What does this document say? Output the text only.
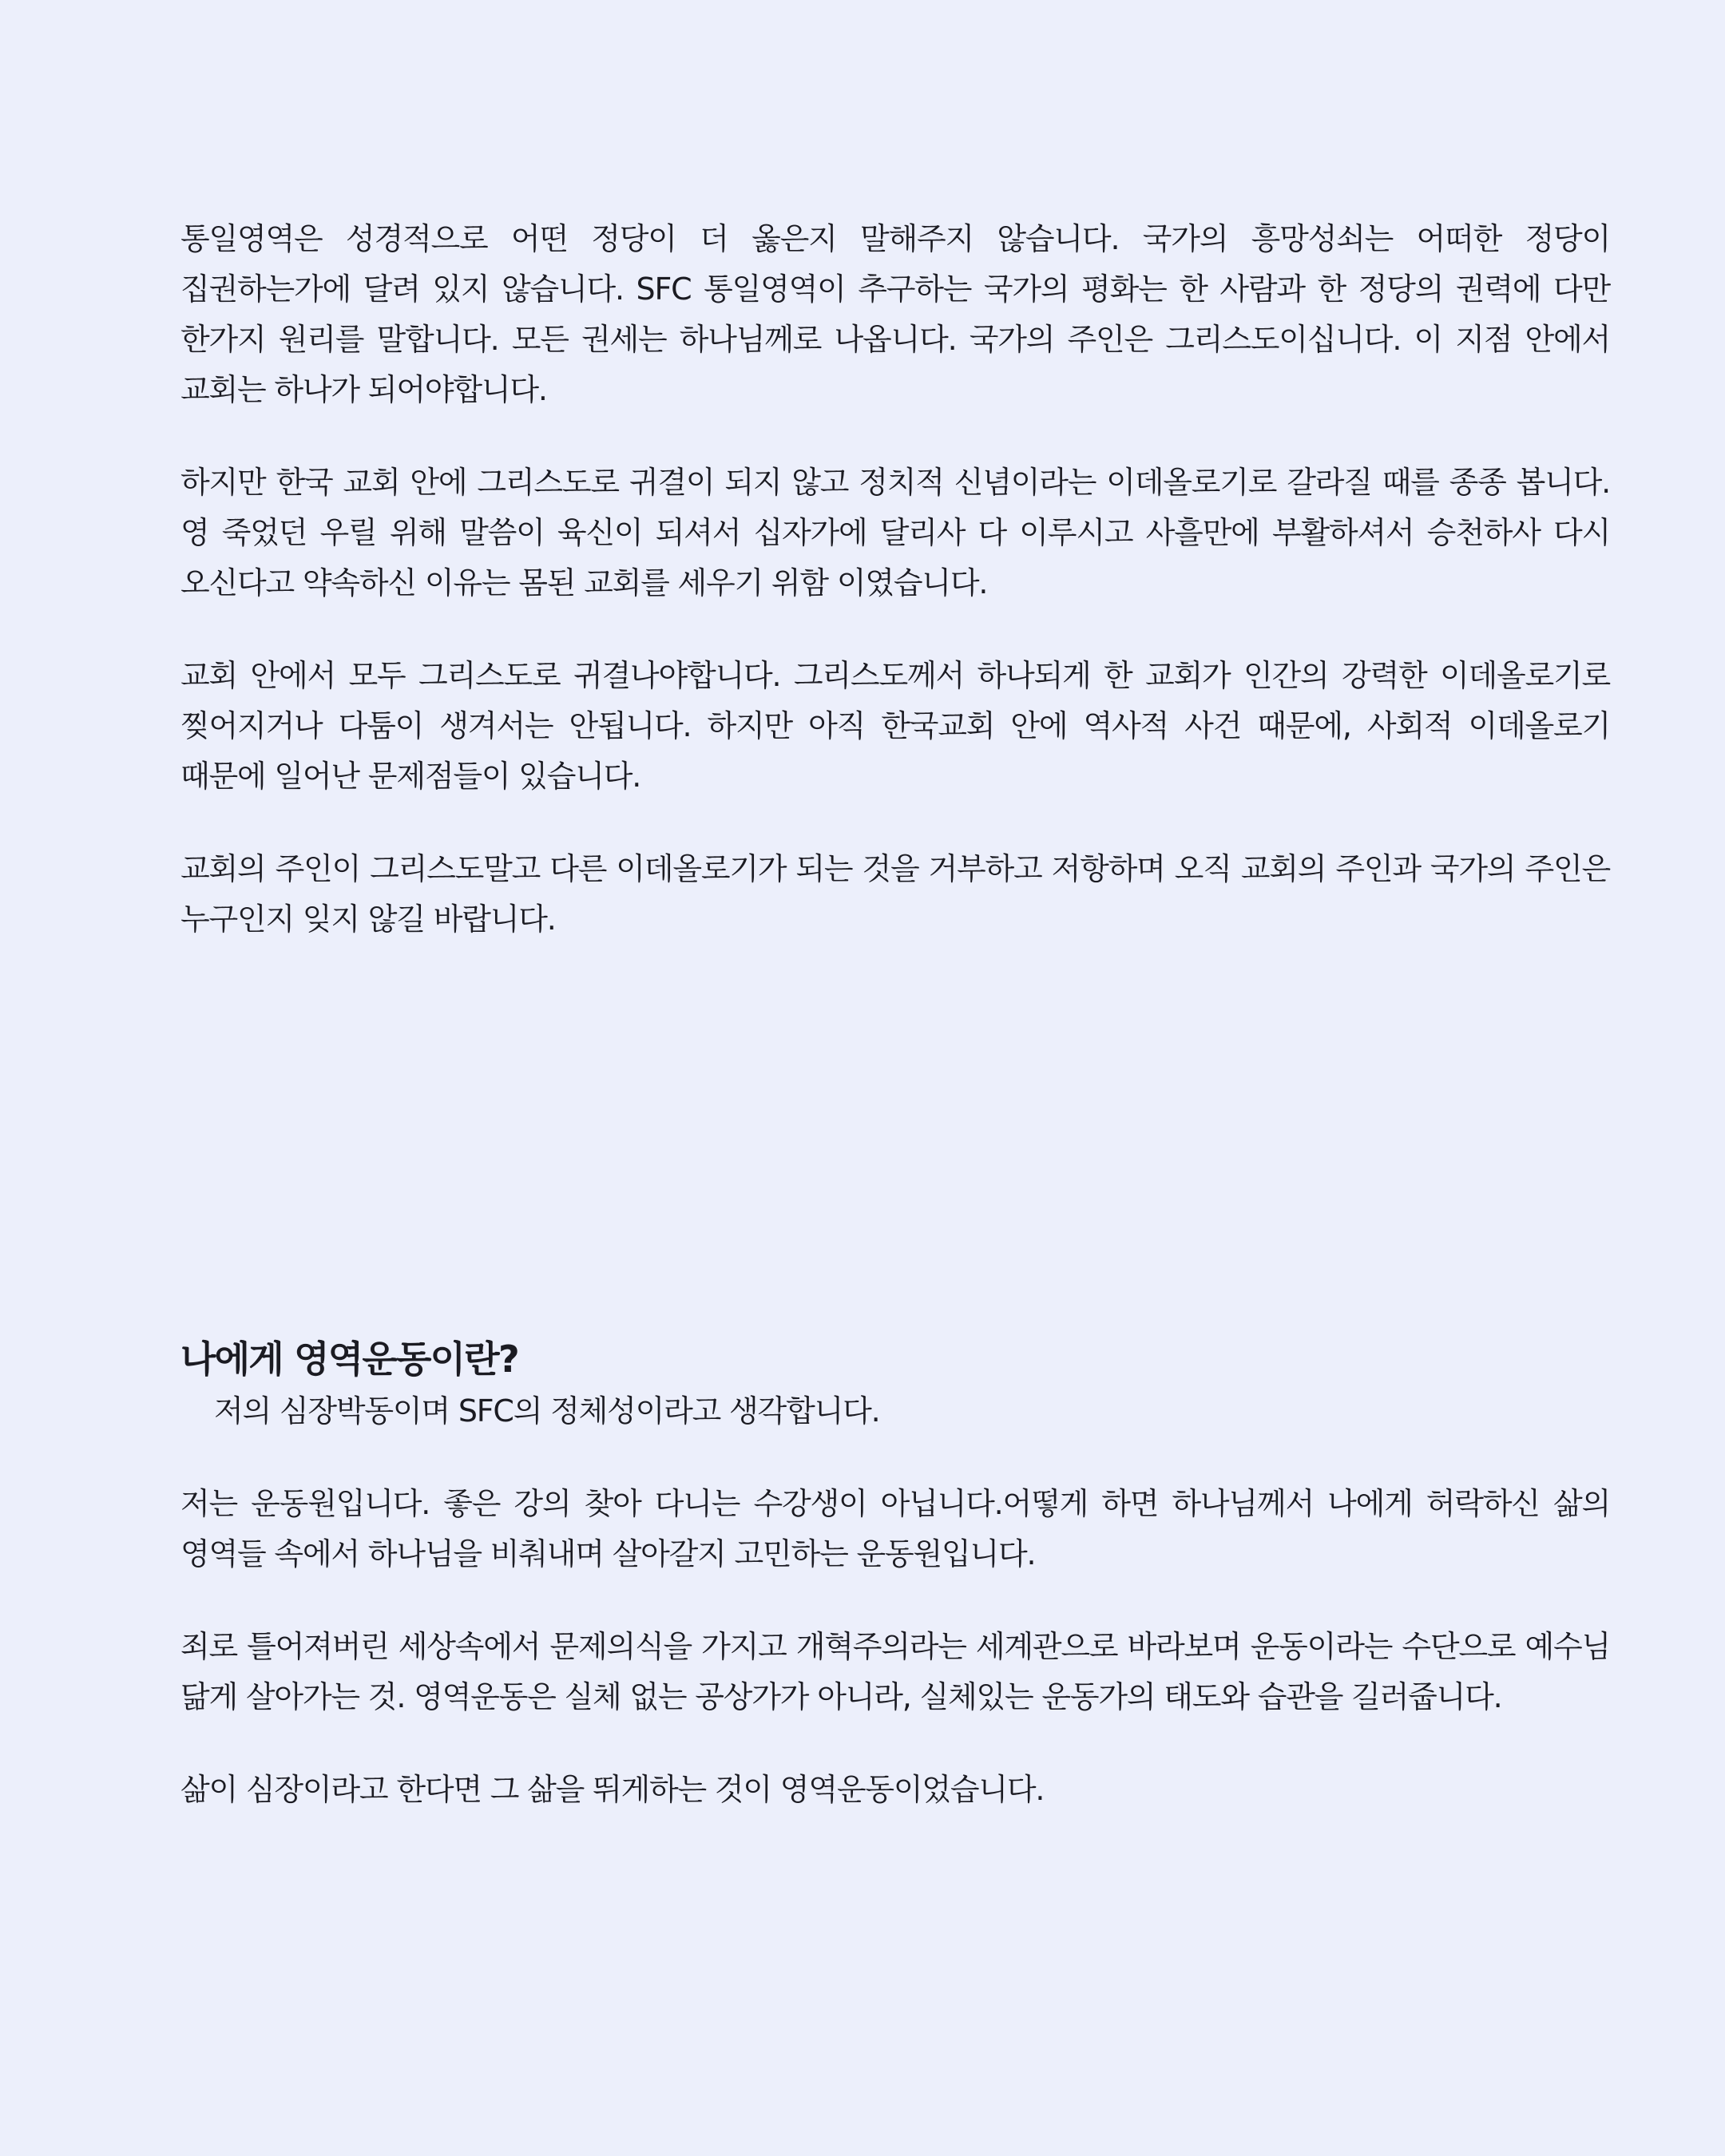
통일영역은 성경적으로 어떤 정당이 더 옳은지 말해주지 않습니다. 국가의 흥망성쇠는 어떠한 정당이 집권하는가에 달려 있지 않습니다. SFC 통일영역이 추구하는 국가의 평화는 한 사람과 한 정당의 권력에 다만 한가지 원리를 말합니다. 모든 권세는 하나님께로 나옵니다. 국가의 주인은 그리스도이십니다. 이 지점 안에서 교회는 하나가 되어야합니다.

하지만 한국 교회 안에 그리스도로 귀결이 되지 않고 정치적 신념이라는 이데올로기로 갈라질 때를 종종 봅니다. 영 죽었던 우릴 위해 말씀이 육신이 되셔서 십자가에 달리사 다 이루시고 사흘만에 부활하셔서 승천하사 다시 오신다고 약속하신 이유는 몸된 교회를 세우기 위함 이였습니다.

교회 안에서 모두 그리스도로 귀결나야합니다. 그리스도께서 하나되게 한 교회가 인간의 강력한 이데올로기로 찢어지거나 다툼이 생겨서는 안됩니다. 하지만 아직 한국교회 안에 역사적 사건 때문에, 사회적 이데올로기 때문에 일어난 문제점들이 있습니다.

교회의 주인이 그리스도말고 다른 이데올로기가 되는 것을 거부하고 저항하며 오직 교회의 주인과 국가의 주인은 누구인지 잊지 않길 바랍니다.

나에게 영역운동이란?

저의 심장박동이며 SFC의 정체성이라고 생각합니다.

저는 운동원입니다. 좋은 강의 찾아 다니는 수강생이 아닙니다.어떻게 하면 하나님께서 나에게 허락하신 삶의 영역들 속에서 하나님을 비춰내며 살아갈지 고민하는 운동원입니다.

죄로 틀어져버린 세상속에서 문제의식을 가지고 개혁주의라는 세계관으로 바라보며 운동이라는 수단으로 예수님 닮게 살아가는 것. 영역운동은 실체 없는 공상가가 아니라, 실체있는 운동가의 태도와 습관을 길러줍니다.

삶이 심장이라고 한다면 그 삶을 뛰게하는 것이 영역운동이었습니다.
